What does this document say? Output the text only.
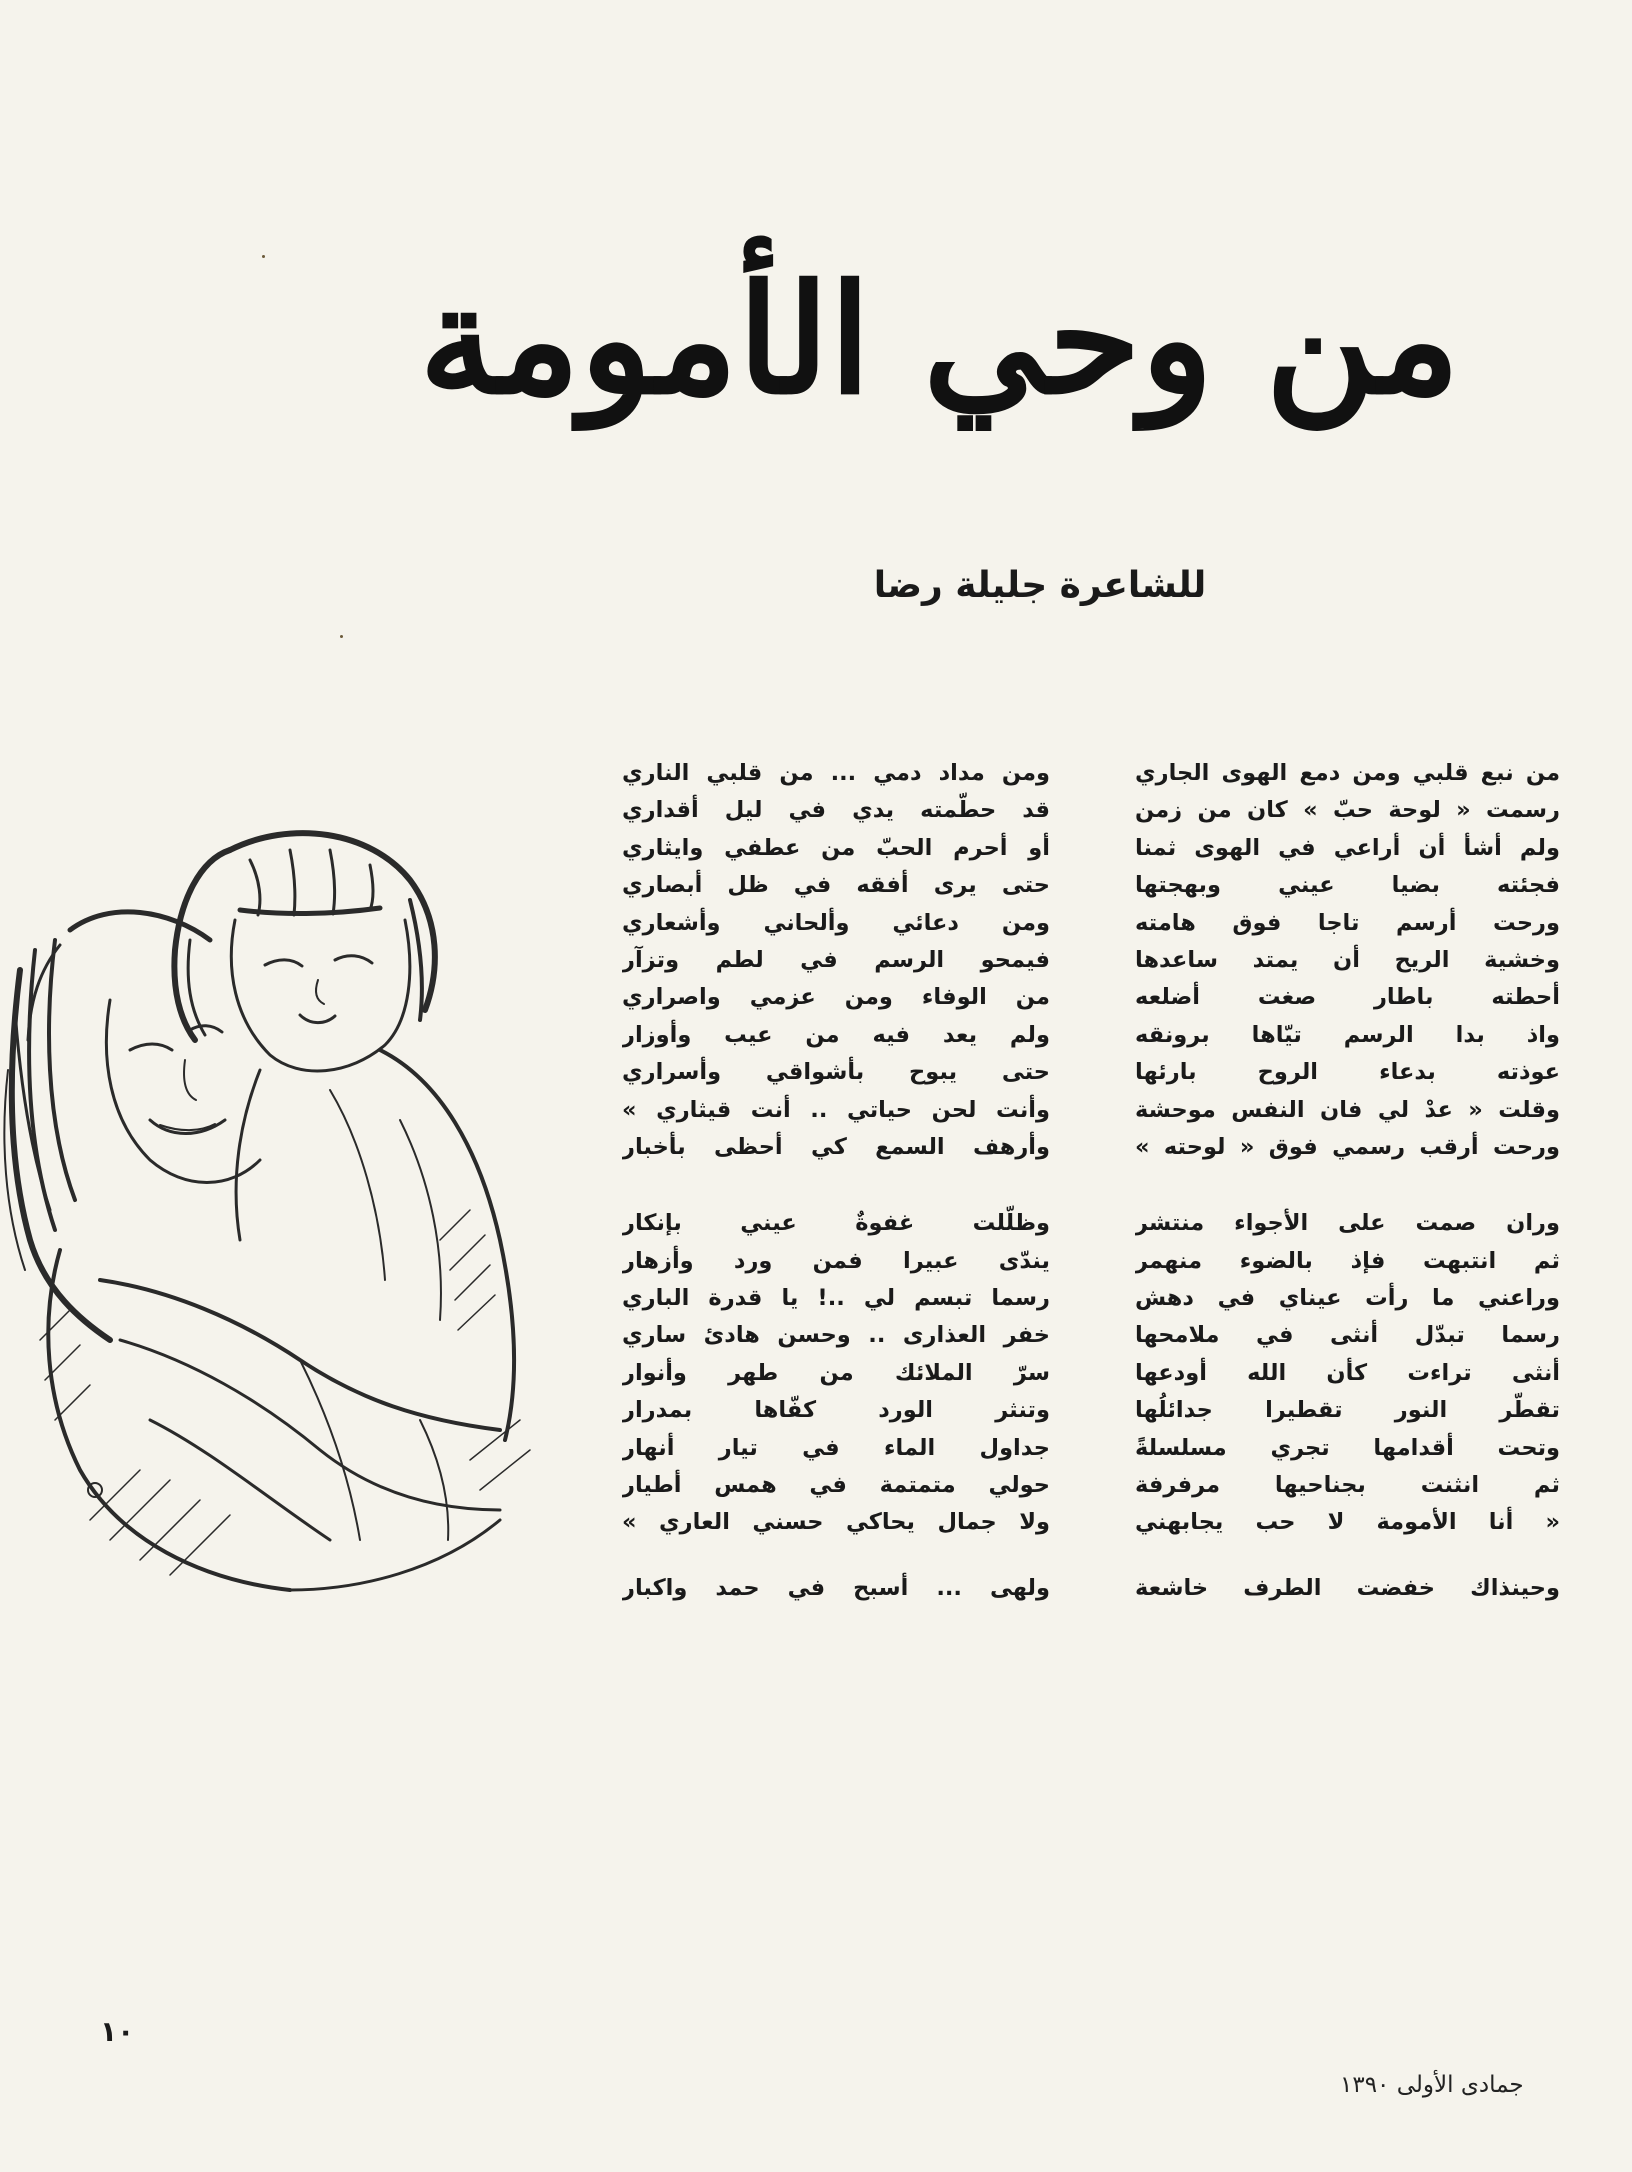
من وحي الأمومة
للشاعرة جليلة رضا
من نبع قلبي ومن دمع الهوى الجاري
رسمت « لوحة حبّ » كان من زمن
ولم أشأ أن أراعي في الهوى ثمنا
فجئته بضيا عيني وبهجتها
ورحت أرسم تاجا فوق هامته
وخشية الريح أن يمتد ساعدها
أحطته باطار صغت أضلعه
واذ بدا الرسم تيّاها برونقه
عوذته بدعاء الروح بارئها
وقلت « عدْ لي فان النفس موحشة
ورحت أرقب رسمي فوق « لوحته »
وران صمت على الأجواء منتشر
ثم انتبهت فإذ بالضوء منهمر
وراعني ما رأت عيناي في دهش
رسما تبدّل أنثى في ملامحها
أنثى تراءت كأن الله أودعها
تقطّر النور تقطيرا جدائلُها
وتحت أقدامها تجري مسلسلةً
ثم انثنت بجناحيها مرفرفة
« أنا الأمومة لا حب يجابهني
وحينذاك خفضت الطرف خاشعة
ومن مداد دمي ... من قلبي الناري
قد حطّمته يدي في ليل أقداري
أو أحرم الحبّ من عطفي وايثاري
حتى يرى أفقه في ظل أبصاري
ومن دعائي وألحاني وأشعاري
فيمحو الرسم في لطم وتزآر
من الوفاء ومن عزمي واصراري
ولم يعد فيه من عيب وأوزار
حتى يبوح بأشواقي وأسراري
وأنت لحن حياتي .. أنت قيثاري »
وأرهف السمع كي أحظى بأخبار
وظلّلت غفوةٌ عيني بإنكار
يندّى عبيرا فمن ورد وأزهار
رسما تبسم لي ..! يا قدرة الباري
خفر العذارى .. وحسن هادئ ساري
سرّ الملائك من طهر وأنوار
وتنثر الورد كفّاها بمدرار
جداول الماء في تيار أنهار
حولي متمتمة في همس أطيار
ولا جمال يحاكي حسني العاري »
ولهى ... أسبح في حمد واكبار
١٠
جمادى الأولى ١٣٩٠
